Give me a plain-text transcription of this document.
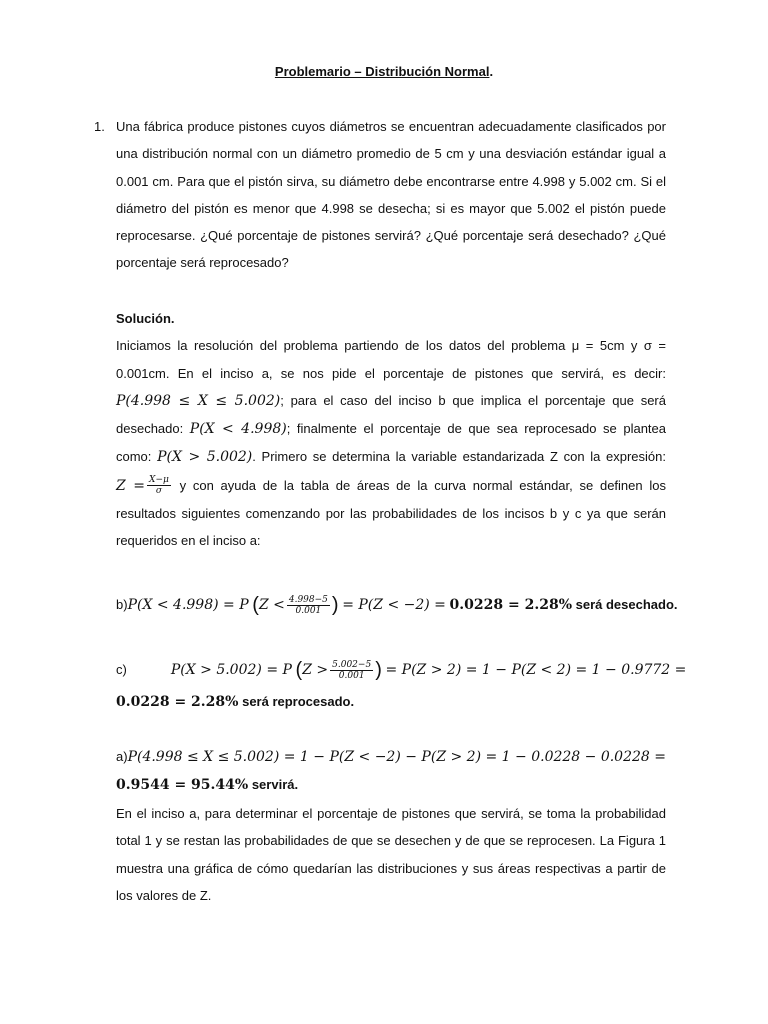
Problemario – Distribución Normal.
1. Una fábrica produce pistones cuyos diámetros se encuentran adecuadamente clasificados por una distribución normal con un diámetro promedio de 5 cm y una desviación estándar igual a 0.001 cm. Para que el pistón sirva, su diámetro debe encontrarse entre 4.998 y 5.002 cm. Si el diámetro del pistón es menor que 4.998 se desecha; si es mayor que 5.002 el pistón puede reprocesarse. ¿Qué porcentaje de pistones servirá? ¿Qué porcentaje será desechado? ¿Qué porcentaje será reprocesado?

Solución.

Iniciamos la resolución del problema partiendo de los datos del problema μ = 5cm y σ = 0.001cm. En el inciso a, se nos pide el porcentaje de pistones que servirá, es decir: P(4.998 ≤ X ≤ 5.002); para el caso del inciso b que implica el porcentaje que será desechado: P(X < 4.998); finalmente el porcentaje de que sea reprocesado se plantea como: P(X > 5.002). Primero se determina la variable estandarizada Z con la expresión: $Z = \frac{X-\mu}{\sigma}$ y con ayuda de la tabla de áreas de la curva normal estándar, se definen los resultados siguientes comenzando por las probabilidades de los incisos b y c ya que serán requeridos en el inciso a:

b)P(X < 4.998) = P ($Z < \frac{4.998-5}{0.001}$ ) = P(Z < −2) = 0.0228 = 2.28% será desechado.
c)	P(X > 5.002) = P ($Z > \frac{5.002-5}{0.001}$ ) = P(Z > 2) = 1 − P(Z < 2) = 1 − 0.9772 =
0.0228 = 2.28% será reprocesado.
a)P(4.998 ≤ X ≤ 5.002) = 1 − P(Z < −2) − P(Z > 2) = 1 − 0.0228 − 0.0228 =
0.9544 = 95.44% servirá.

En el inciso a, para determinar el porcentaje de pistones que servirá, se toma la probabilidad total 1 y se restan las probabilidades de que se desechen y de que se reprocesen. La Figura 1 muestra una gráfica de cómo quedarían las distribuciones y sus áreas respectivas a partir de los valores de Z.
